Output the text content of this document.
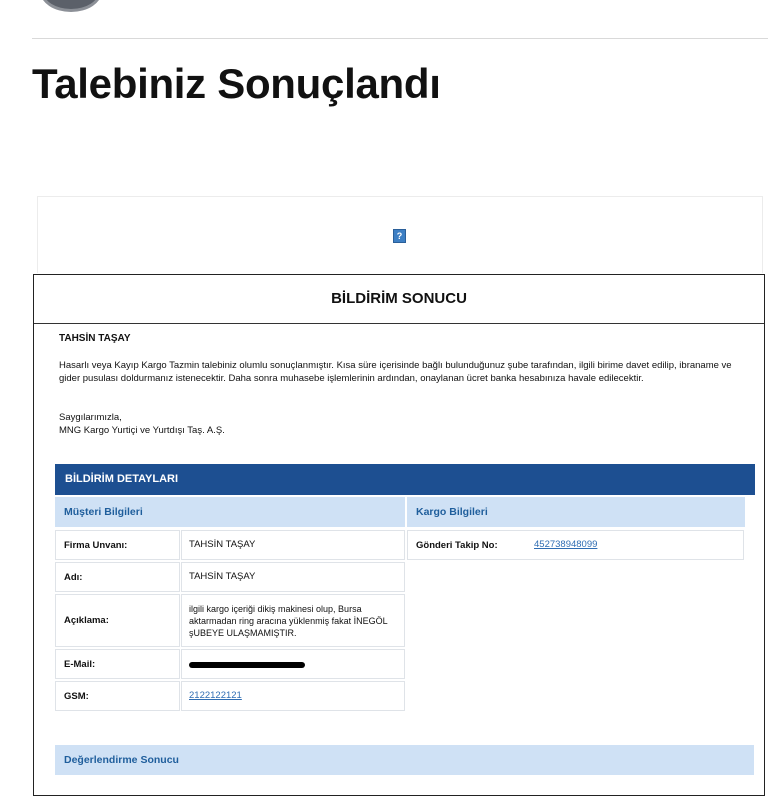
Talebiniz Sonuçlandı
?
BİLDİRİM SONUCU
TAHSİN TAŞAY

Hasarlı veya Kayıp Kargo Tazmin talebiniz olumlu sonuçlanmıştır. Kısa süre içerisinde bağlı bulunduğunuz şube tarafından, ilgili birime davet edilip, ibraname ve gider pusulası doldurmanız istenecektir. Daha sonra muhasebe işlemlerinin ardından, onaylanan ücret banka hesabınıza havale edilecektir.

Saygılarımızla,
MNG Kargo Yurtiçi ve Yurtdışı Taş. A.Ş.
BİLDİRİM DETAYLARI
Müşteri Bilgileri
Firma Unvanı:	TAHSİN TAŞAY
Adı:	TAHSİN TAŞAY
Açıklama:
ilgili kargo içeriği dikiş makinesi olup, Bursa aktarmadan ring aracına yüklenmiş fakat İNEGÖL şUBEYE ULAŞMAMIŞTIR.
E-Mail:
GSM:	2122122121
Kargo Bilgileri
Gönderi Takip No:	452738948099
Değerlendirme Sonucu
